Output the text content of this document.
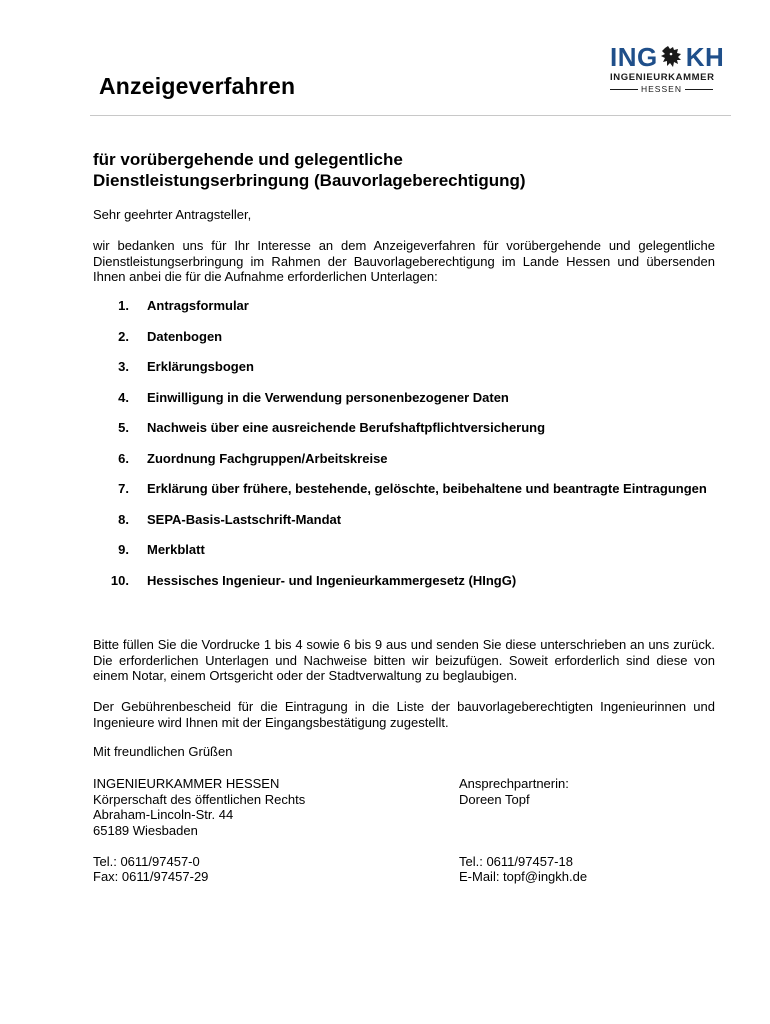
Anzeigeverfahren
ING KH
INGENIEURKAMMER
HESSEN
für vorübergehende und gelegentliche
Dienstleistungserbringung (Bauvorlageberechtigung)

Sehr geehrter Antragsteller,

wir bedanken uns für Ihr Interesse an dem Anzeigeverfahren für vorübergehende und gelegentliche Dienstleistungserbringung im Rahmen der Bauvorlageberechtigung im Lande Hessen und übersenden Ihnen anbei die für die Aufnahme erforderlichen Unterlagen:

1.	Antragsformular
2.	Datenbogen
3.	Erklärungsbogen
4.	Einwilligung in die Verwendung personenbezogener Daten
5.	Nachweis über eine ausreichende Berufshaftpflichtversicherung
6.	Zuordnung Fachgruppen/Arbeitskreise
7.	Erklärung über frühere, bestehende, gelöschte, beibehaltene und beantragte Eintragungen
8.	SEPA-Basis-Lastschrift-Mandat
9.	Merkblatt
10.	Hessisches Ingenieur- und Ingenieurkammergesetz (HIngG)

Bitte füllen Sie die Vordrucke 1 bis 4 sowie 6 bis 9 aus und senden Sie diese unterschrieben an uns zurück. Die erforderlichen Unterlagen und Nachweise bitten wir beizufügen. Soweit erforderlich sind diese von einem Notar, einem Ortsgericht oder der Stadtverwaltung zu beglaubigen.

Der Gebührenbescheid für die Eintragung in die Liste der bauvorlageberechtigten Ingenieurinnen und Ingenieure wird Ihnen mit der Eingangsbestätigung zugestellt.

Mit freundlichen Grüßen

INGENIEURKAMMER HESSEN
Körperschaft des öffentlichen Rechts
Abraham-Lincoln-Str. 44
65189 Wiesbaden
Tel.: 0611/97457-0
Fax: 0611/97457-29
Ansprechpartnerin:
Doreen Topf
Tel.: 0611/97457-18
E-Mail: topf@ingkh.de
